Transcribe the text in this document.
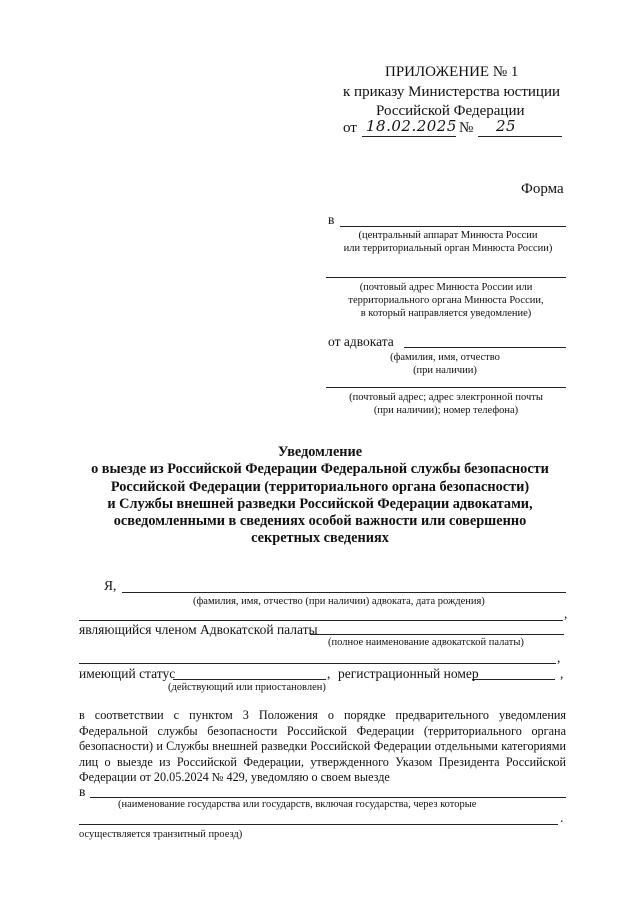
ПРИЛОЖЕНИЕ № 1
к приказу Министерства юстиции
Российской Федерации
от 18.02.2025 № 25
Форма
в
(центральный аппарат Минюста России
или территориальный орган Минюста России)
(почтовый адрес Минюста России или
территориального органа Минюста России,
в который направляется уведомление)
от адвоката
(фамилия, имя, отчество
(при наличии)
(почтовый адрес; адрес электронной почты
(при наличии); номер телефона)
Уведомление
о выезде из Российской Федерации Федеральной службы безопасности
Российской Федерации (территориального органа безопасности)
и Службы внешней разведки Российской Федерации адвокатами,
осведомленными в сведениях особой важности или совершенно
секретных сведениях
Я,
(фамилия, имя, отчество (при наличии) адвоката, дата рождения)
,
являющийся членом Адвокатской палаты
(полное наименование адвокатской палаты)
,
имеющий статус	, регистрационный номер	,
(действующий или приостановлен)
в соответствии с пунктом 3 Положения о порядке предварительного уведомления Федеральной службы безопасности Российской Федерации (территориального органа безопасности) и Службы внешней разведки Российской Федерации отдельными категориями лиц о выезде из Российской Федерации, утвержденного Указом Президента Российской Федерации от 20.05.2024 № 429, уведомляю о своем выезде
в
(наименование государства или государств, включая государства, через которые
.
осуществляется транзитный проезд)
